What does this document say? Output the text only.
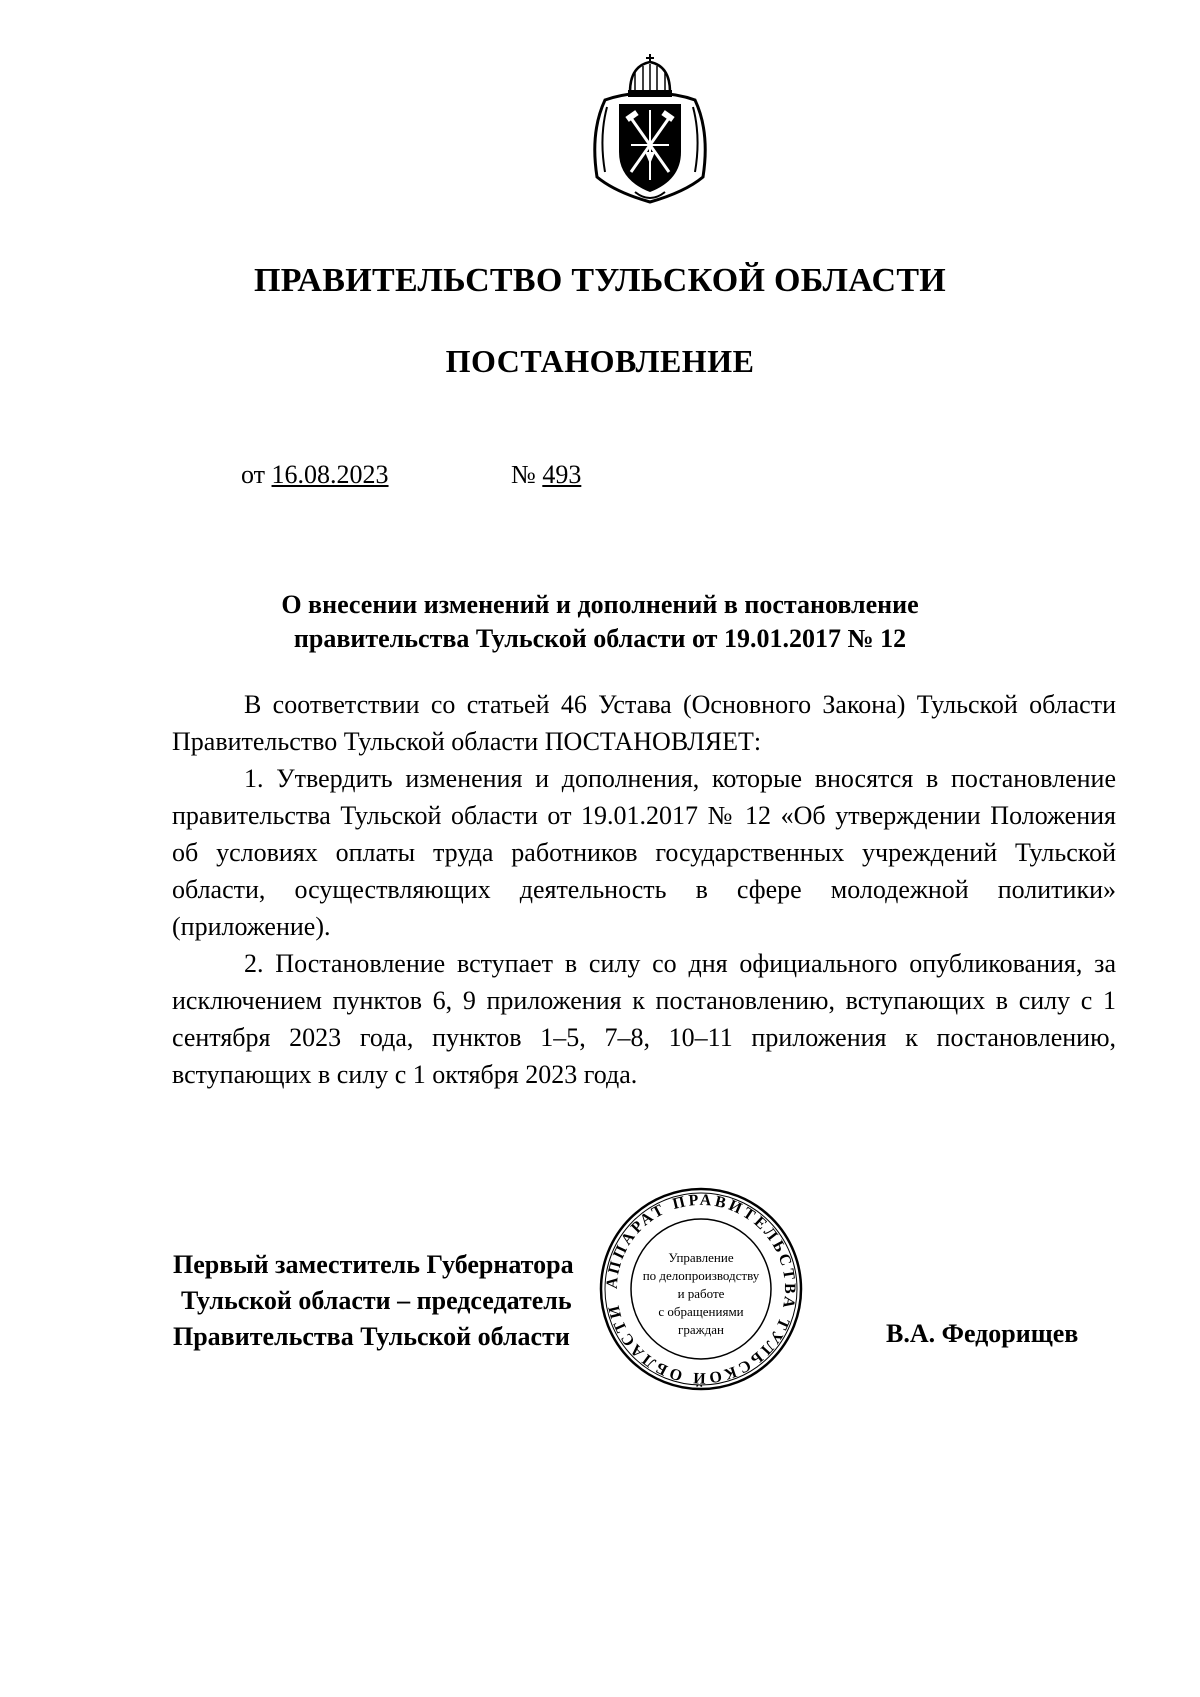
ПРАВИТЕЛЬСТВО ТУЛЬСКОЙ ОБЛАСТИ
ПОСТАНОВЛЕНИЕ
от 16.08.2023	№ 493
О внесении изменений и дополнений в постановление
правительства Тульской области от 19.01.2017 № 12

В соответствии со статьей 46 Устава (Основного Закона) Тульской области Правительство Тульской области ПОСТАНОВЛЯЕТ:

1. Утвердить изменения и дополнения, которые вносятся в постановление правительства Тульской области от 19.01.2017 № 12 «Об утверждении Положения об условиях оплаты труда работников государственных учреждений Тульской области, осуществляющих деятельность в сфере молодежной политики» (приложение).

2. Постановление вступает в силу со дня официального опубликования, за исключением пунктов 6, 9 приложения к постановлению, вступающих в силу с 1 сентября 2023 года, пунктов 1–5, 7–8, 10–11 приложения к постановлению, вступающих в силу с 1 октября 2023 года.

Первый заместитель Губернатора
Тульской области – председатель
Правительства Тульской области	В.А. Федорищев
АППАРАТ ПРАВИТЕЛЬСТВА ТУЛЬСКОЙ ОБЛАСТИ
Управление
по делопроизводству
и работе
с обращениями
граждан
